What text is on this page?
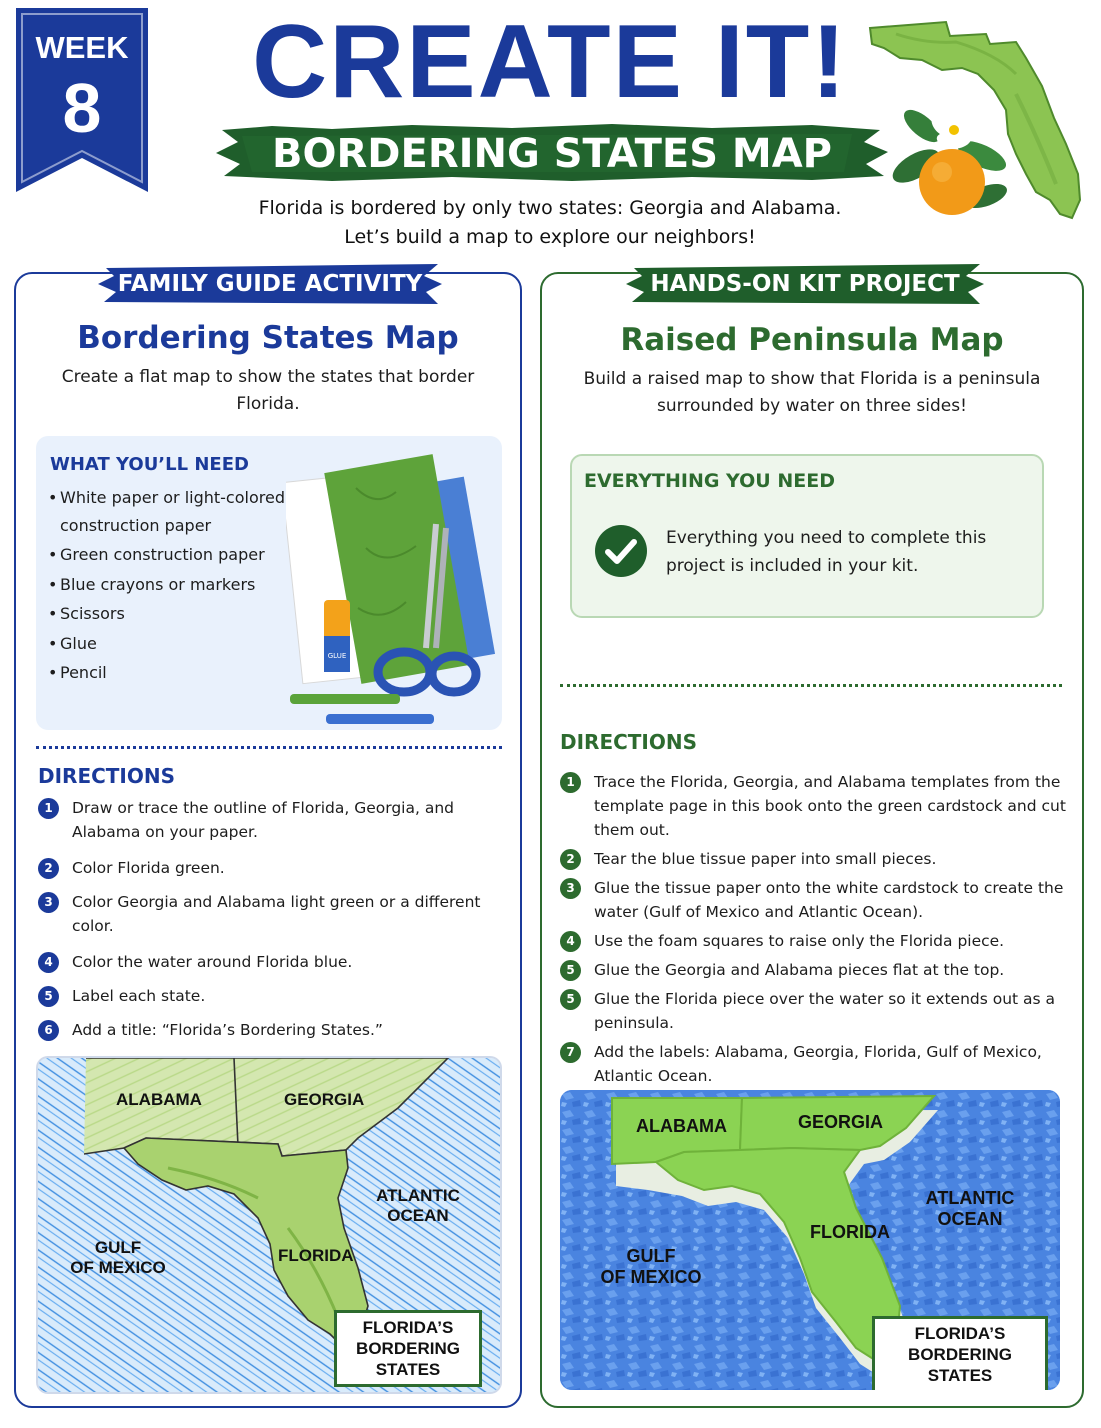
WEEK
8	CREATE IT!
BORDERING STATES MAP
Florida is bordered by only two states: Georgia and Alabama.
Let’s build a map to explore our neighbors!
FAMILY GUIDE ACTIVITY
Bordering States Map

Create a flat map to show the states that border Florida.

WHAT YOU’LL NEED
• White paper or light-colored construction paper
• Green construction paper
• Blue crayons or markers
• Scissors
• Glue
• Pencil
GLUE
DIRECTIONS
1	Draw or trace the outline of Florida, Georgia, and Alabama on your paper.
2	Color Florida green.
3	Color Georgia and Alabama light green or a different color.
4	Color the water around Florida blue.
5	Label each state.
6	Add a title: “Florida’s Bordering States.”
ALABAMA	GEORGIA
FLORIDA
GULF
OF MEXICO
ATLANTIC
OCEAN
FLORIDA’S
BORDERING STATES
HANDS-ON KIT PROJECT
Raised Peninsula Map

Build a raised map to show that Florida is a peninsula surrounded by water on three sides!

EVERYTHING YOU NEED
Everything you need to complete this project is included in your kit.
DIRECTIONS
1	Trace the Florida, Georgia, and Alabama templates from the template page in this book onto the green cardstock and cut them out.
2	Tear the blue tissue paper into small pieces.
3	Glue the tissue paper onto the white cardstock to create the water (Gulf of Mexico and Atlantic Ocean).
4	Use the foam squares to raise only the Florida piece.
5	Glue the Georgia and Alabama pieces flat at the top.
5	Glue the Florida piece over the water so it extends out as a peninsula.
7	Add the labels: Alabama, Georgia, Florida, Gulf of Mexico, Atlantic Ocean.
ALABAMA	GEORGIA
FLORIDA
GULF
OF MEXICO
ATLANTIC
OCEAN
FLORIDA’S
BORDERING STATES
